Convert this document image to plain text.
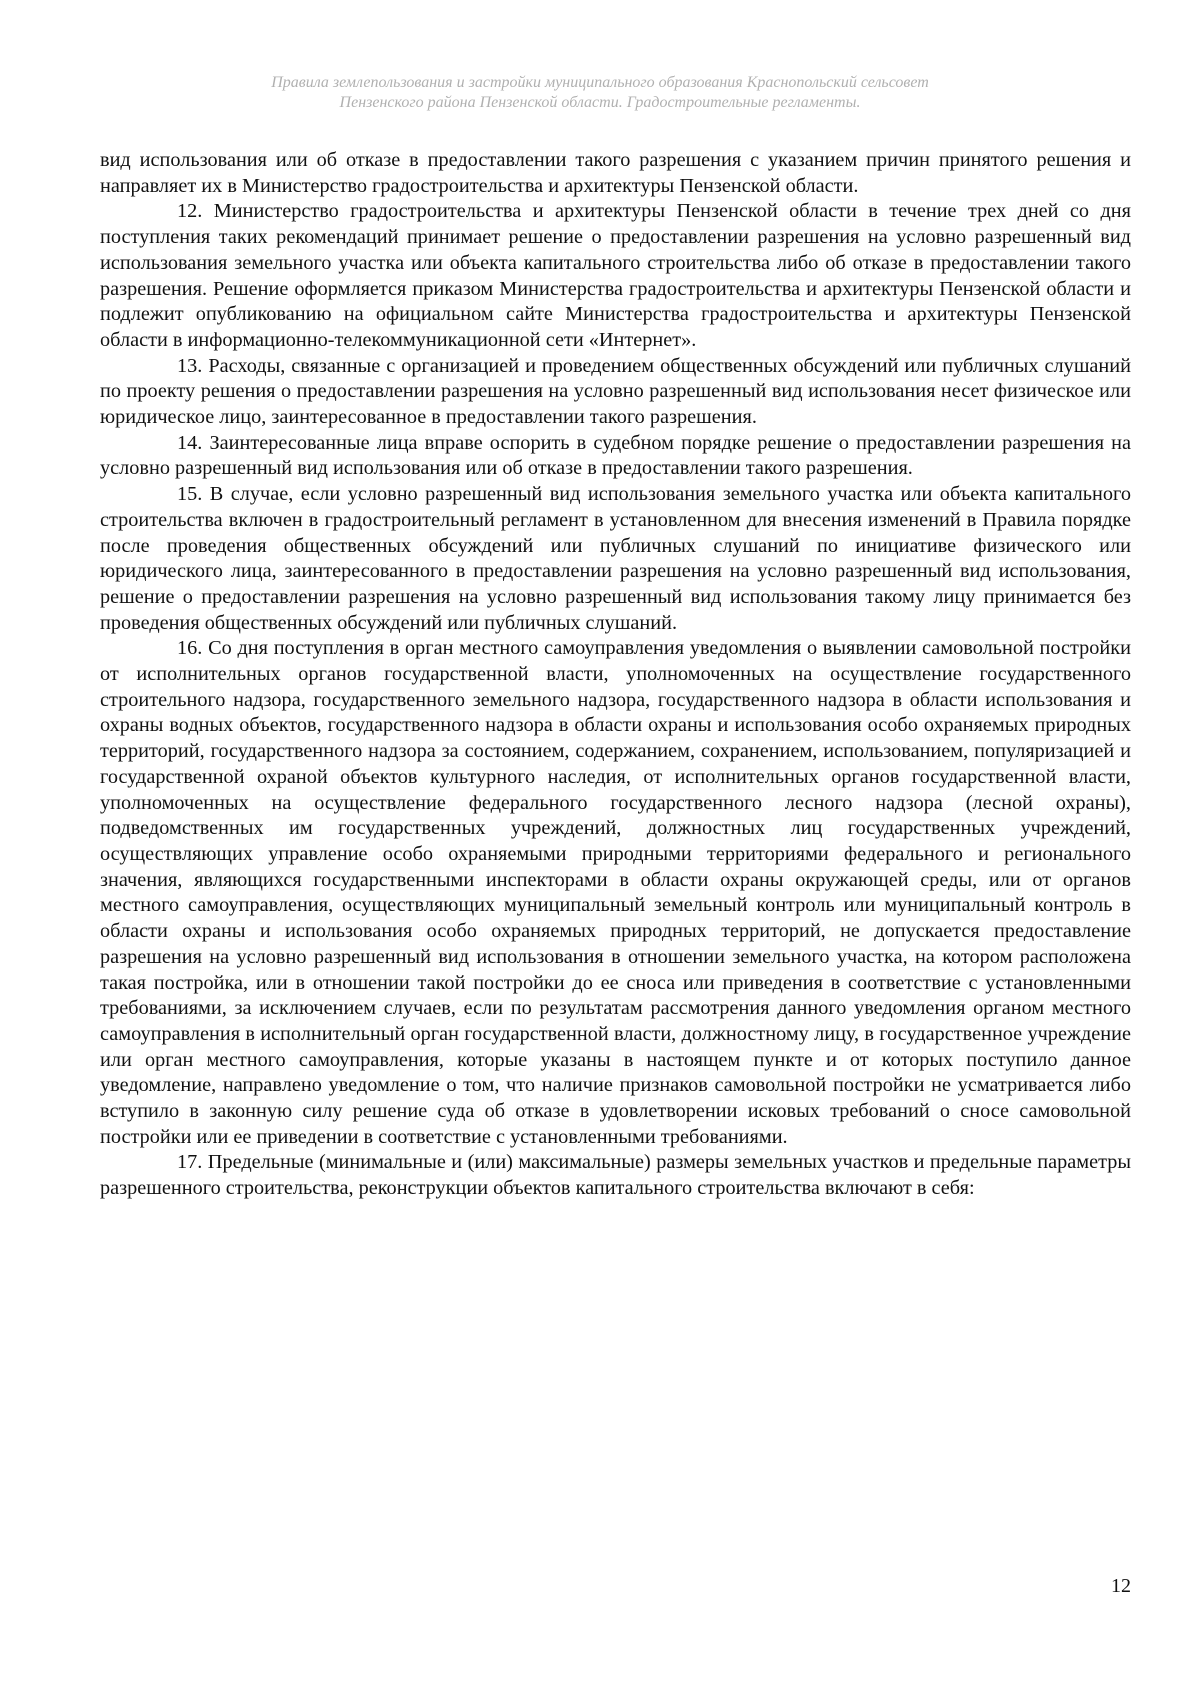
Правила землепользования и застройки муниципального образования Краснопольский сельсовет
Пензенского района Пензенской области. Градостроительные регламенты.

вид использования или об отказе в предоставлении такого разрешения с указанием причин принятого решения и направляет их в Министерство градостроительства и архитектуры Пензенской области.

12. Министерство градостроительства и архитектуры Пензенской области в течение трех дней со дня поступления таких рекомендаций принимает решение о предоставлении разрешения на условно разрешенный вид использования земельного участка или объекта капитального строительства либо об отказе в предоставлении такого разрешения. Решение оформляется приказом Министерства градостроительства и архитектуры Пензенской области и подлежит опубликованию на официальном сайте Министерства градостроительства и архитектуры Пензенской области в информационно-телекоммуникационной сети «Интернет».

13. Расходы, связанные с организацией и проведением общественных обсуждений или публичных слушаний по проекту решения о предоставлении разрешения на условно разрешенный вид использования несет физическое или юридическое лицо, заинтересованное в предоставлении такого разрешения.

14. Заинтересованные лица вправе оспорить в судебном порядке решение о предоставлении разрешения на условно разрешенный вид использования или об отказе в предоставлении такого разрешения.

15. В случае, если условно разрешенный вид использования земельного участка или объекта капитального строительства включен в градостроительный регламент в установленном для внесения изменений в Правила порядке после проведения общественных обсуждений или публичных слушаний по инициативе физического или юридического лица, заинтересованного в предоставлении разрешения на условно разрешенный вид использования, решение о предоставлении разрешения на условно разрешенный вид использования такому лицу принимается без проведения общественных обсуждений или публичных слушаний.

16. Со дня поступления в орган местного самоуправления уведомления о выявлении самовольной постройки от исполнительных органов государственной власти, уполномоченных на осуществление государственного строительного надзора, государственного земельного надзора, государственного надзора в области использования и охраны водных объектов, государственного надзора в области охраны и использования особо охраняемых природных территорий, государственного надзора за состоянием, содержанием, сохранением, использованием, популяризацией и государственной охраной объектов культурного наследия, от исполнительных органов государственной власти, уполномоченных на осуществление федерального государственного лесного надзора (лесной охраны), подведомственных им государственных учреждений, должностных лиц государственных учреждений, осуществляющих управление особо охраняемыми природными территориями федерального и регионального значения, являющихся государственными инспекторами в области охраны окружающей среды, или от органов местного самоуправления, осуществляющих муниципальный земельный контроль или муниципальный контроль в области охраны и использования особо охраняемых природных территорий, не допускается предоставление разрешения на условно разрешенный вид использования в отношении земельного участка, на котором расположена такая постройка, или в отношении такой постройки до ее сноса или приведения в соответствие с установленными требованиями, за исключением случаев, если по результатам рассмотрения данного уведомления органом местного самоуправления в исполнительный орган государственной власти, должностному лицу, в государственное учреждение или орган местного самоуправления, которые указаны в настоящем пункте и от которых поступило данное уведомление, направлено уведомление о том, что наличие признаков самовольной постройки не усматривается либо вступило в законную силу решение суда об отказе в удовлетворении исковых требований о сносе самовольной постройки или ее приведении в соответствие с установленными требованиями.

17. Предельные (минимальные и (или) максимальные) размеры земельных участков и предельные параметры разрешенного строительства, реконструкции объектов капитального строительства включают в себя:

12
